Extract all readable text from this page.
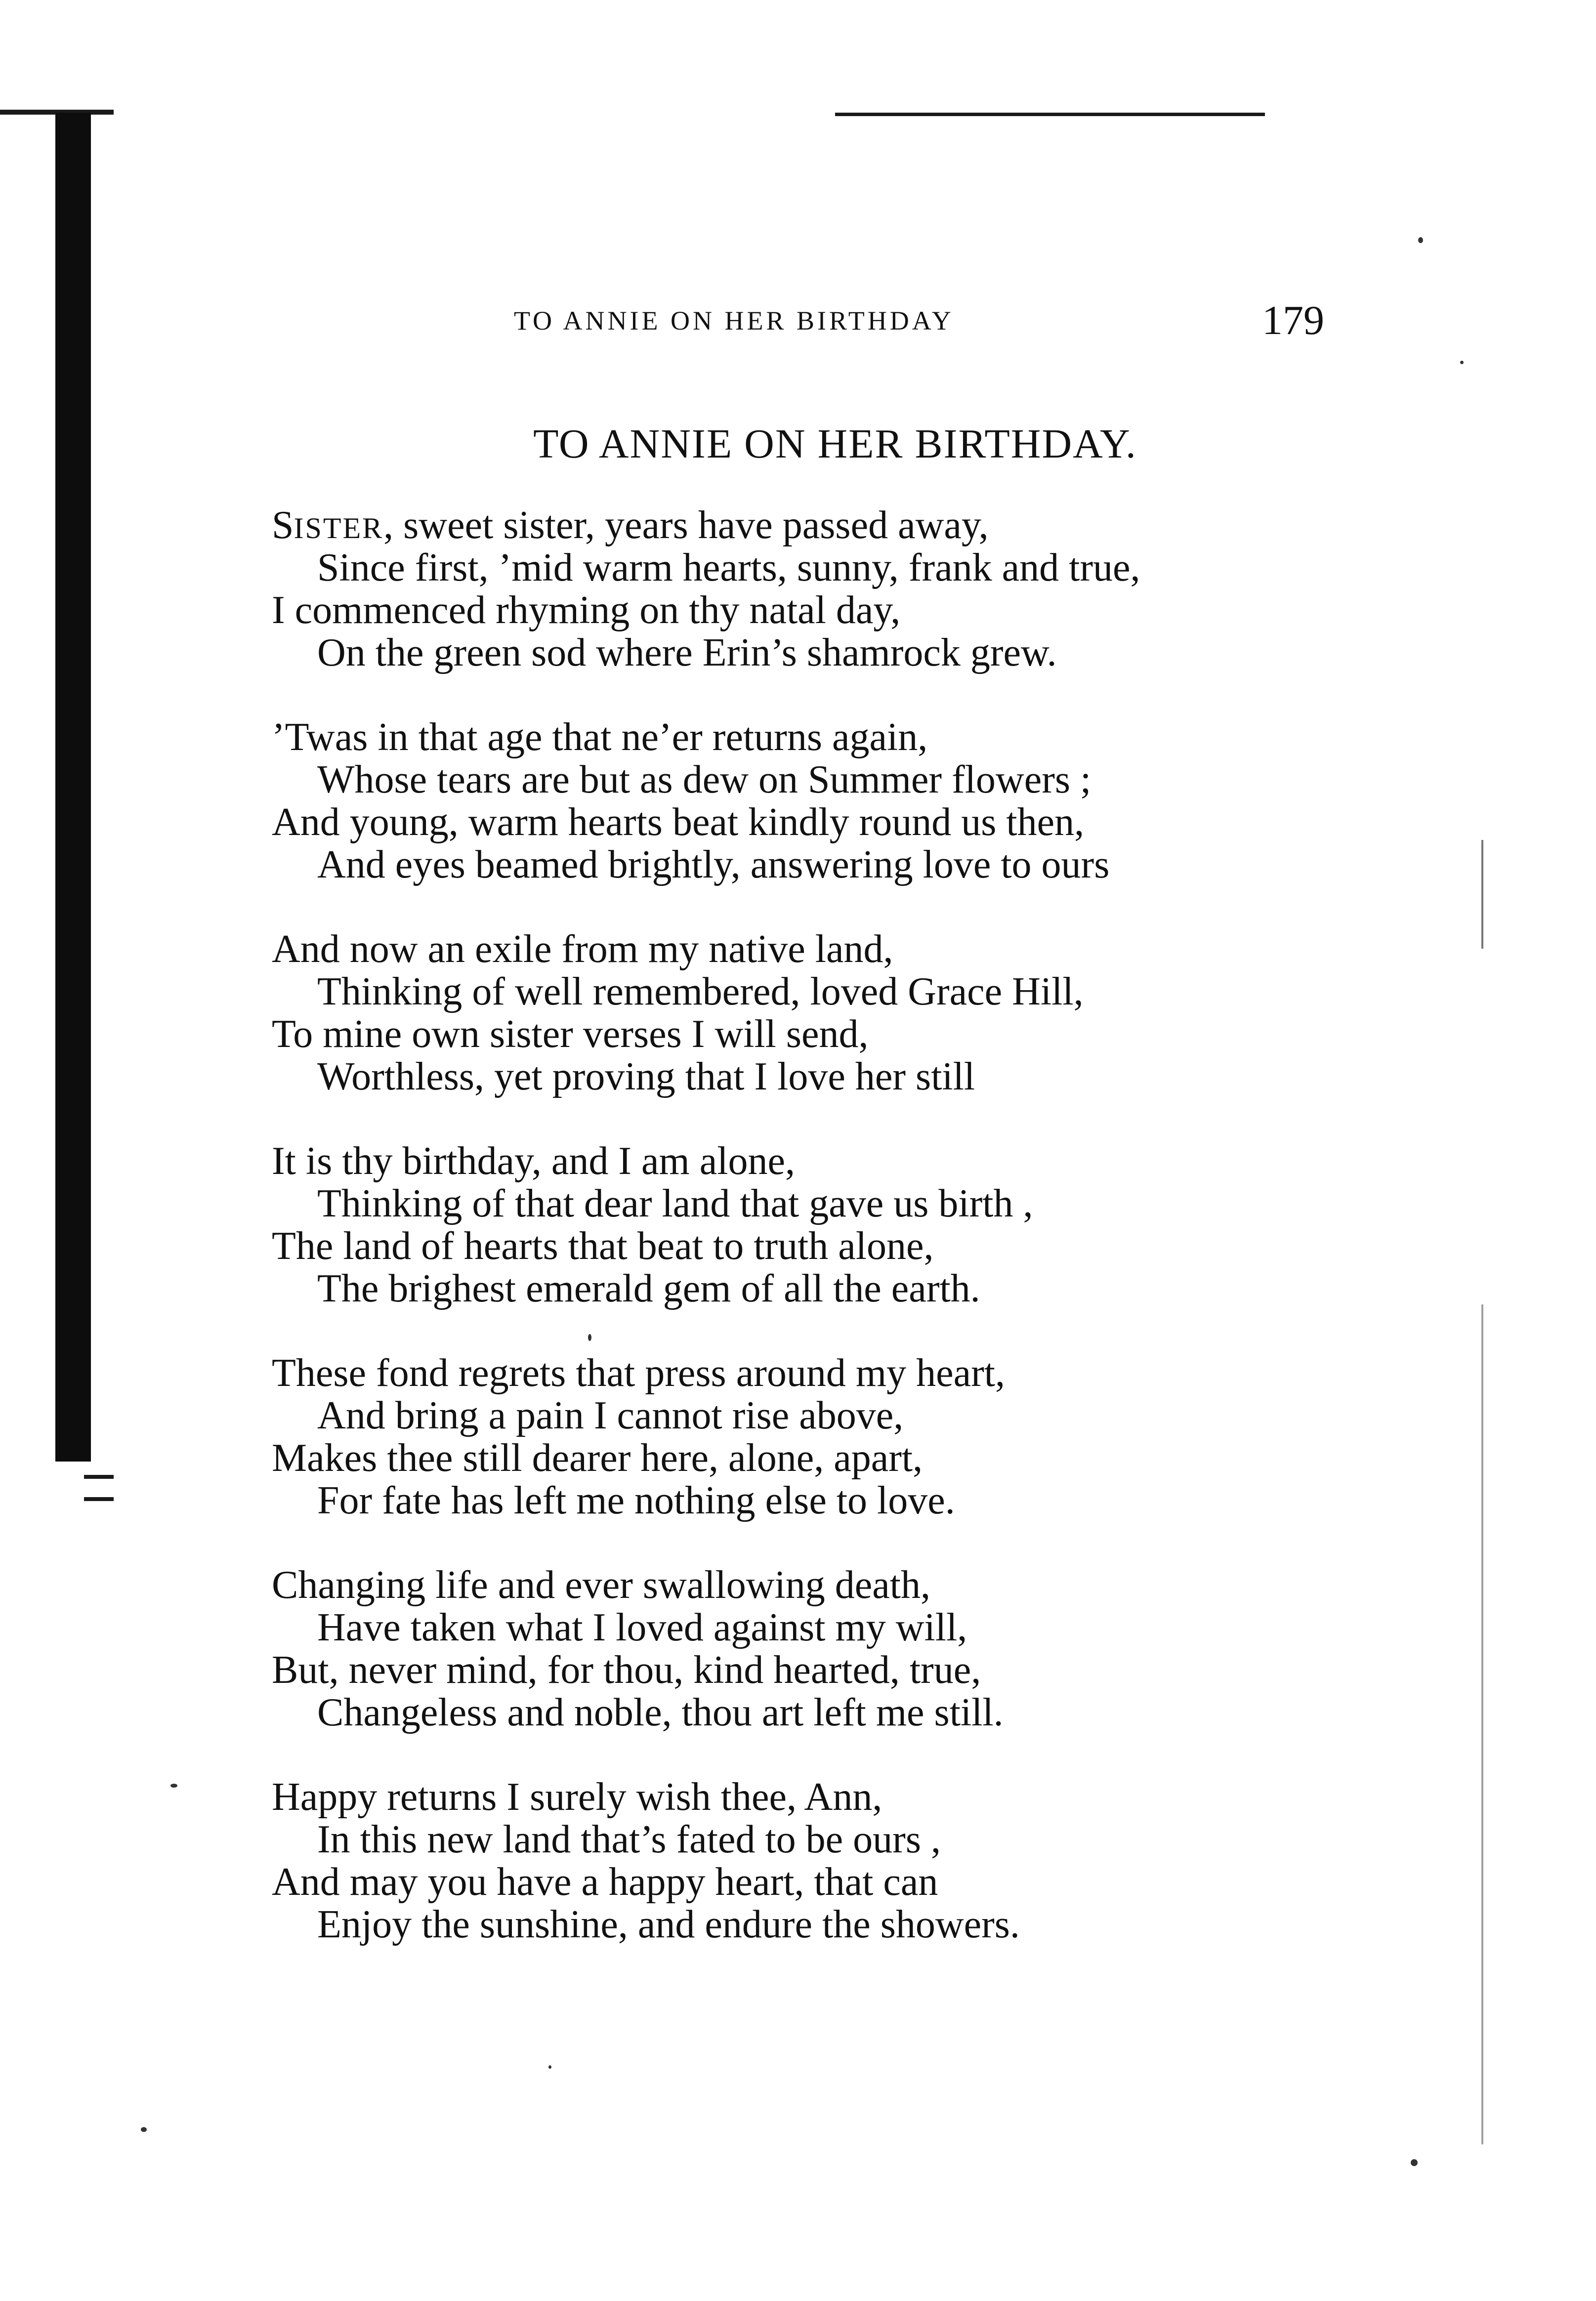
TO ANNIE ON HER BIRTHDAY	179
TO ANNIE ON HER BIRTHDAY.
SISTER, sweet sister, years have passed away,
Since first, ’mid warm hearts, sunny, frank and true,
I commenced rhyming on thy natal day,
On the green sod where Erin’s shamrock grew.
’Twas in that age that ne’er returns again,
Whose tears are but as dew on Summer flowers ;
And young, warm hearts beat kindly round us then,
And eyes beamed brightly, answering love to ours
And now an exile from my native land,
Thinking of well remembered, loved Grace Hill,
To mine own sister verses I will send,
Worthless, yet proving that I love her still
It is thy birthday, and I am alone,
Thinking of that dear land that gave us birth ,
The land of hearts that beat to truth alone,
The brighest emerald gem of all the earth.
These fond regrets that press around my heart,
And bring a pain I cannot rise above,
Makes thee still dearer here, alone, apart,
For fate has left me nothing else to love.
Changing life and ever swallowing death,
Have taken what I loved against my will,
But, never mind, for thou, kind hearted, true,
Changeless and noble, thou art left me still.
Happy returns I surely wish thee, Ann,
In this new land that’s fated to be ours ,
And may you have a happy heart, that can
Enjoy the sunshine, and endure the showers.
